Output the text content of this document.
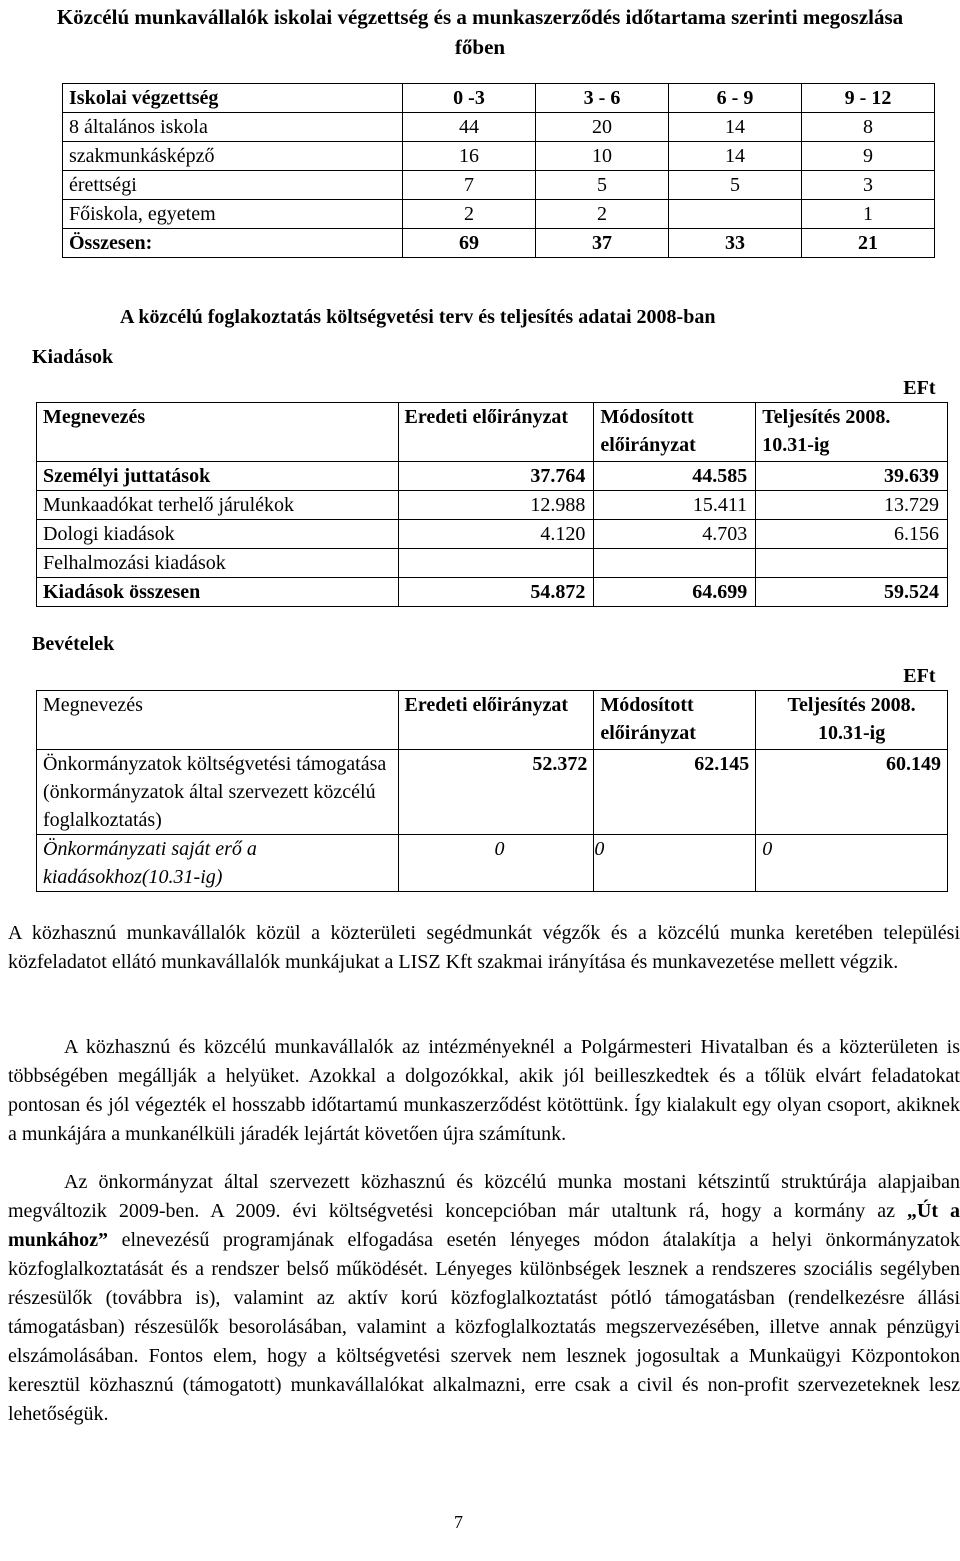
Közcélú munkavállalók iskolai végzettség és a munkaszerződés időtartama szerinti megoszlása főben
Iskolai végzettség	0 -3	3 - 6	6 - 9	9 - 12
8 általános iskola	44	20	14	8
szakmunkásképző	16	10	14	9
érettségi	7	5	5	3
Főiskola, egyetem	2	2		1
Összesen:	69	37	33	21
A közcélú foglakoztatás költségvetési terv és teljesítés adatai 2008-ban
Kiadások
			EFt
Megnevezés	Eredeti előirányzat	Módosított előirányzat	Teljesítés 2008. 10.31-ig
Személyi juttatások	37.764	44.585	39.639
Munkaadókat terhelő járulékok	12.988	15.411	13.729
Dologi kiadások	4.120	4.703	6.156
Felhalmozási kiadások			
Kiadások összesen	54.872	64.699	59.524
Bevételek
			EFt
Megnevezés	Eredeti előirányzat	Módosított előirányzat	Teljesítés 2008. 10.31-ig
Önkormányzatok költségvetési támogatása (önkormányzatok által szervezett közcélú foglalkoztatás)	52.372	62.145	60.149
Önkormányzati saját erő a kiadásokhoz(10.31-ig)	0	0	0
A közhasznú munkavállalók közül a közterületi segédmunkát végzők és a közcélú munka keretében települési közfeladatot ellátó munkavállalók munkájukat a LISZ Kft szakmai irányítása és munkavezetése mellett végzik.
A közhasznú és közcélú munkavállalók az intézményeknél a Polgármesteri Hivatalban és a közterületen is többségében megállják a helyüket. Azokkal a dolgozókkal, akik jól beilleszkedtek és a tőlük elvárt feladatokat pontosan és jól végezték el hosszabb időtartamú munkaszerződést kötöttünk. Így kialakult egy olyan csoport, akiknek a munkájára a munkanélküli járadék lejártát követően újra számítunk.
Az önkormányzat által szervezett közhasznú és közcélú munka mostani kétszintű struktúrája alapjaiban megváltozik 2009-ben. A 2009. évi költségvetési koncepcióban már utaltunk rá, hogy a kormány az „Út a munkához” elnevezésű programjának elfogadása esetén lényeges módon átalakítja a helyi önkormányzatok közfoglalkoztatását és a rendszer belső működését. Lényeges különbségek lesznek a rendszeres szociális segélyben részesülők (továbbra is), valamint az aktív korú közfoglalkoztatást pótló támogatásban (rendelkezésre állási támogatásban) részesülők besorolásában, valamint a közfoglalkoztatás megszervezésében, illetve annak pénzügyi elszámolásában. Fontos elem, hogy a költségvetési szervek nem lesznek jogosultak a Munkaügyi Központokon keresztül közhasznú (támogatott) munkavállalókat alkalmazni, erre csak a civil és non-profit szervezeteknek lesz lehetőségük.
7
